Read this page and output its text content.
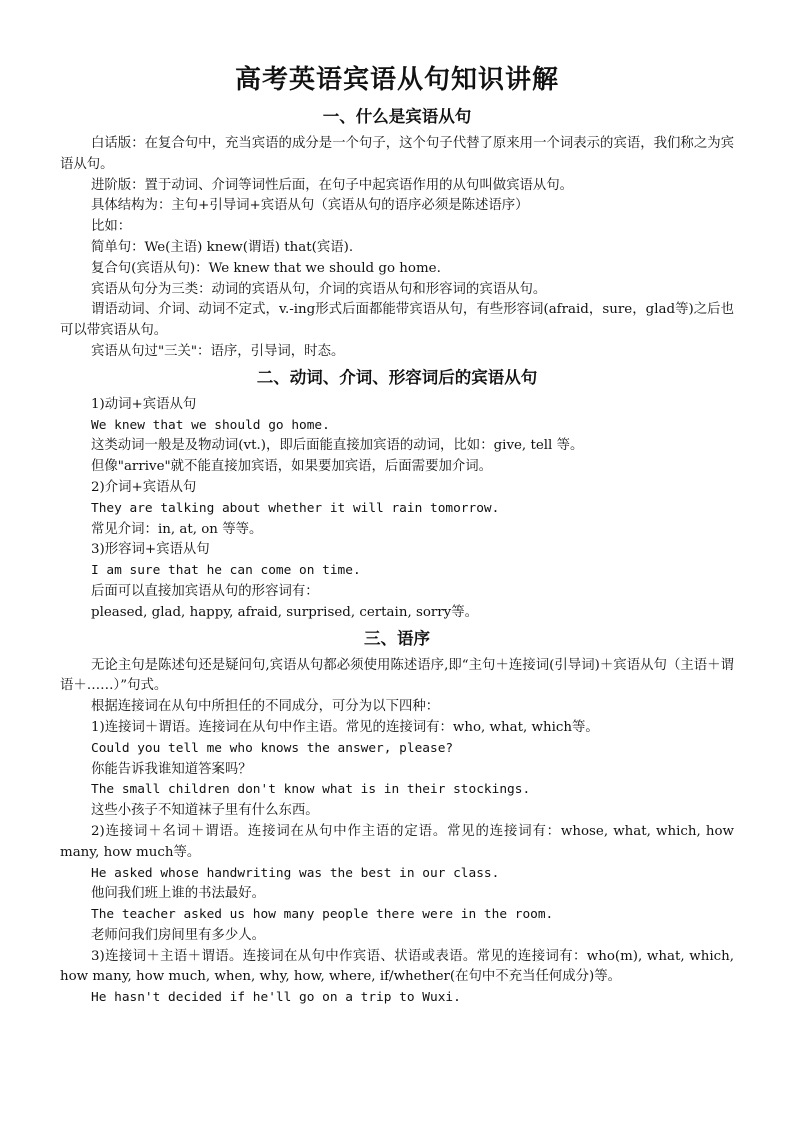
高考英语宾语从句知识讲解
一、什么是宾语从句

白话版：在复合句中，充当宾语的成分是一个句子，这个句子代替了原来用一个词表示的宾语，我们称之为宾语从句。

进阶版：置于动词、介词等词性后面，在句子中起宾语作用的从句叫做宾语从句。

具体结构为：主句+引导词+宾语从句（宾语从句的语序必须是陈述语序）

比如：

简单句：We(主语) knew(谓语) that(宾语).

复合句(宾语从句)：We knew that we should go home.

宾语从句分为三类：动词的宾语从句，介词的宾语从句和形容词的宾语从句。

谓语动词、介词、动词不定式，v.-ing形式后面都能带宾语从句，有些形容词(afraid，sure，glad等)之后也可以带宾语从句。

宾语从句过"三关"：语序，引导词，时态。

二、动词、介词、形容词后的宾语从句

1)动词+宾语从句

We knew that we should go home.

这类动词一般是及物动词(vt.)，即后面能直接加宾语的动词，比如：give, tell 等。

但像"arrive"就不能直接加宾语，如果要加宾语，后面需要加介词。

2)介词+宾语从句

They are talking about whether it will rain tomorrow.

常见介词：in, at, on 等等。

3)形容词+宾语从句

I am sure that he can come on time.

后面可以直接加宾语从句的形容词有：

pleased, glad, happy, afraid, surprised, certain, sorry等。

三、语序

无论主句是陈述句还是疑问句,宾语从句都必须使用陈述语序,即“主句＋连接词(引导词)＋宾语从句（主语＋谓语＋……）”句式。

根据连接词在从句中所担任的不同成分，可分为以下四种：

1)连接词＋谓语。连接词在从句中作主语。常见的连接词有：who, what, which等。

Could you tell me who knows the answer, please?

你能告诉我谁知道答案吗？

The small children don't know what is in their stockings.

这些小孩子不知道袜子里有什么东西。

2)连接词＋名词＋谓语。连接词在从句中作主语的定语。常见的连接词有：whose, what, which, how many, how much等。

He asked whose handwriting was the best in our class.

他问我们班上谁的书法最好。

The teacher asked us how many people there were in the room.

老师问我们房间里有多少人。

3)连接词＋主语＋谓语。连接词在从句中作宾语、状语或表语。常见的连接词有：who(m), what, which, how many, how much, when, why, how, where, if/whether(在句中不充当任何成分)等。

He hasn't decided if he'll go on a trip to Wuxi.
